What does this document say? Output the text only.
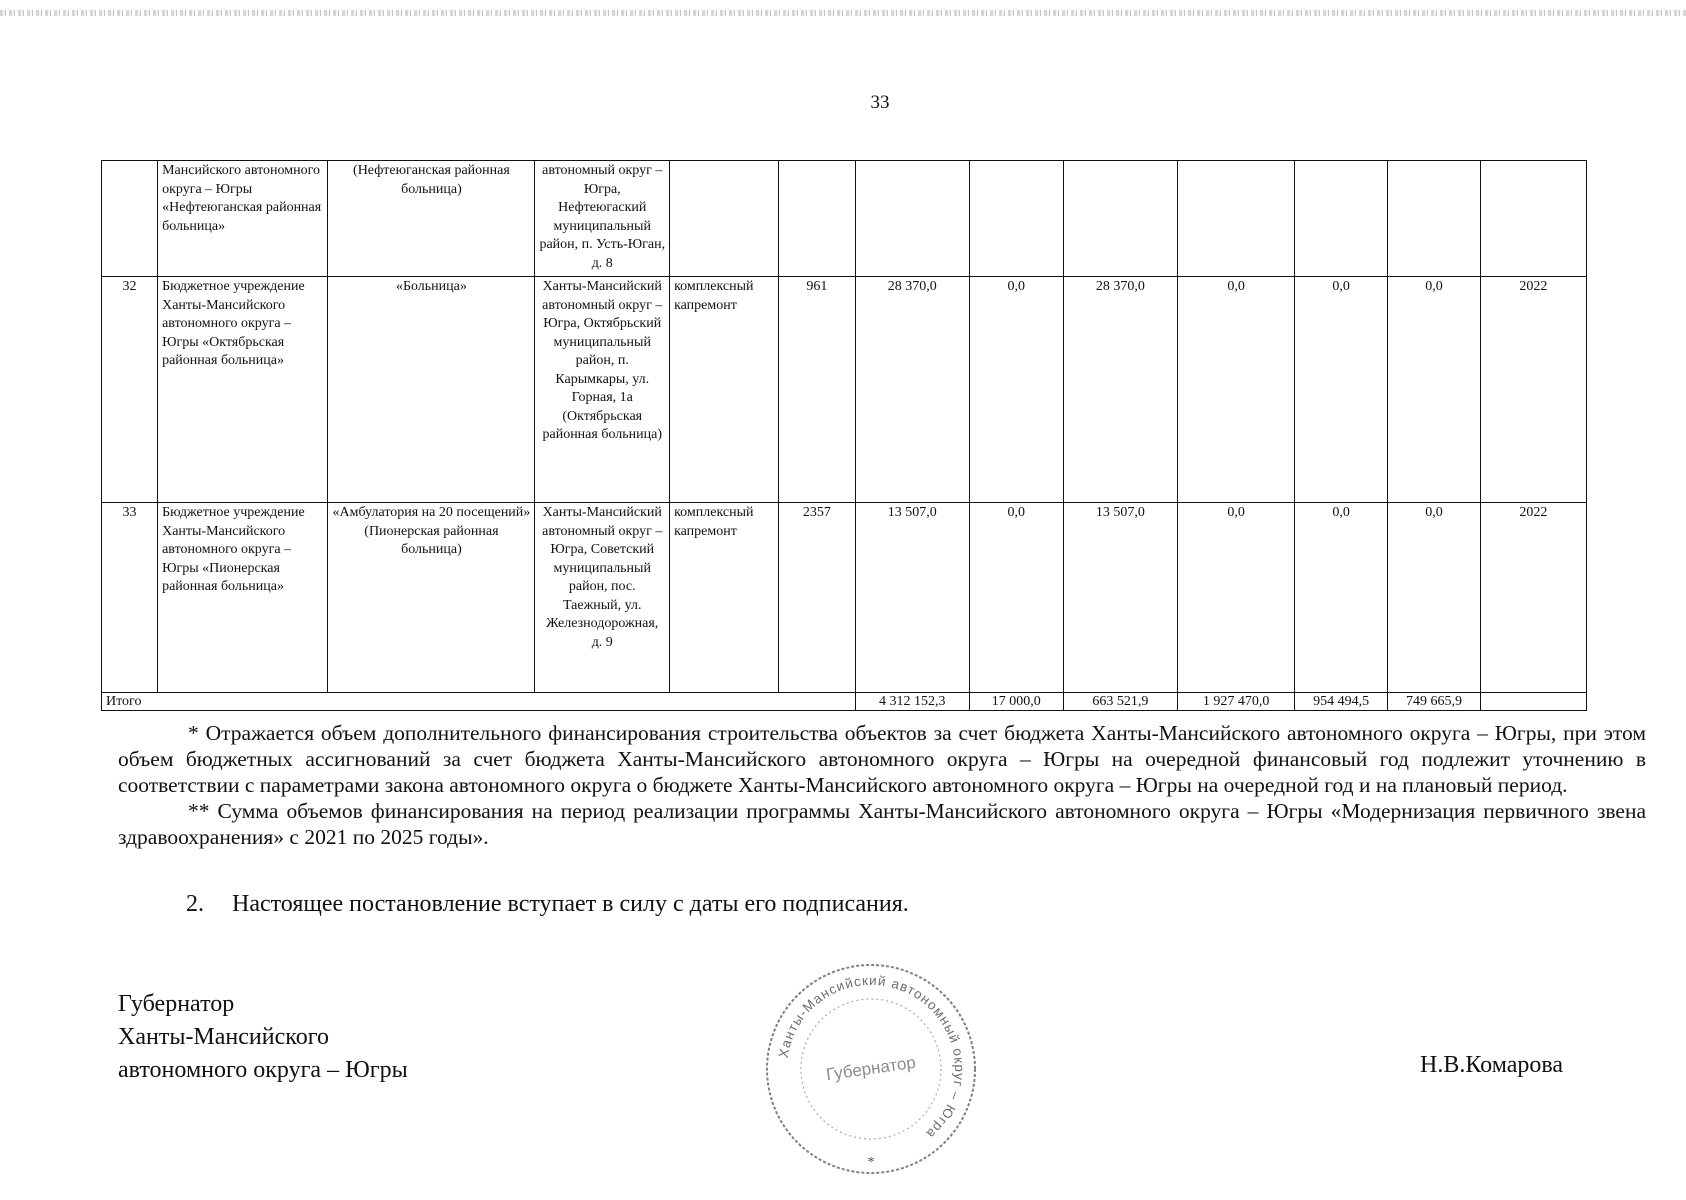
33
	Мансийского автономного округа – Югры «Нефтеюганская районная больница»	(Нефтеюганская районная больница)	автономный округ – Югра, Нефтеюгаский муниципальный район, п. Усть-Юган, д. 8									
32	Бюджетное учреждение Ханты-Мансийского автономного округа – Югры «Октябрьская районная больница»	«Больница»	Ханты-Мансийский автономный округ – Югра, Октябрьский муниципальный район, п. Карымкары, ул. Горная, 1а (Октябрьская районная больница)	комплексный капремонт	961	28 370,0	0,0	28 370,0	0,0	0,0	0,0	2022
33	Бюджетное учреждение Ханты-Мансийского автономного округа – Югры «Пионерская районная больница»	«Амбулатория на 20 посещений» (Пионерская районная больница)	Ханты-Мансийский автономный округ – Югра, Советский муниципальный район, пос. Таежный, ул. Железнодорожная, д. 9	комплексный капремонт	2357	13 507,0	0,0	13 507,0	0,0	0,0	0,0	2022
Итого						4 312 152,3	17 000,0	663 521,9	1 927 470,0	954 494,5	749 665,9	

* Отражается объем дополнительного финансирования строительства объектов за счет бюджета Ханты-Мансийского автономного округа – Югры, при этом объем бюджетных ассигнований за счет бюджета Ханты-Мансийского автономного округа – Югры на очередной финансовый год подлежит уточнению в соответствии с параметрами закона автономного округа о бюджете Ханты-Мансийского автономного округа – Югры на очередной год и на плановый период.

** Сумма объемов финансирования на период реализации программы Ханты-Мансийского автономного округа – Югры «Модернизация первичного звена здравоохранения» с 2021 по 2025 годы».

2. Настоящее постановление вступает в силу с даты его подписания.
Губернатор
Ханты-Мансийского
автономного округа – Югры	Н.В.Комарова
Ханты-Мансийский автономный округ – Югра
Губернатор
*
